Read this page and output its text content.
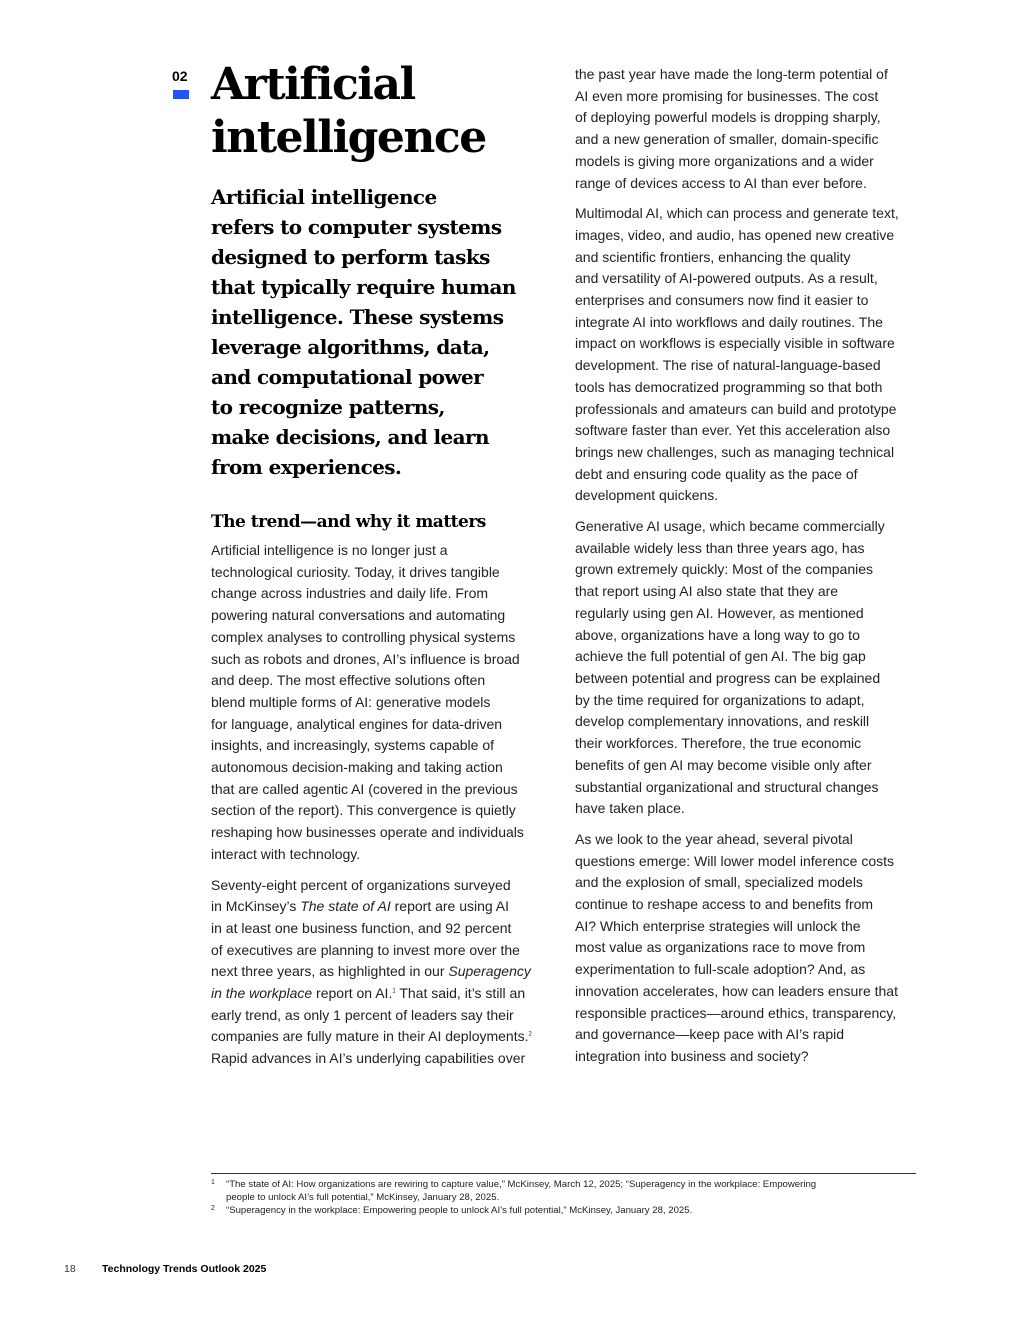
02 Artificial
intelligence
Artificial intelligence
refers to computer systems
designed to perform tasks
that typically require human
intelligence. These systems
leverage algorithms, data,
and computational power
to recognize patterns,
make decisions, and learn
from experiences.
The trend—and why it matters

Artificial intelligence is no longer just a
technological curiosity. Today, it drives tangible
change across industries and daily life. From
powering natural conversations and automating
complex analyses to controlling physical systems
such as robots and drones, AI’s influence is broad
and deep. The most effective solutions often
blend multiple forms of AI: generative models
for language, analytical engines for data-driven
insights, and increasingly, systems capable of
autonomous decision-making and taking action
that are called agentic AI (covered in the previous
section of the report). This convergence is quietly
reshaping how businesses operate and individuals
interact with technology.

Seventy-eight percent of organizations surveyed
in McKinsey’s The state of AI report are using AI
in at least one business function, and 92 percent
of executives are planning to invest more over the
next three years, as highlighted in our Superagency
in the workplace report on AI.$^1$ That said, it’s still an
early trend, as only 1 percent of leaders say their
companies are fully mature in their AI deployments.$^2$
Rapid advances in AI’s underlying capabilities over

the past year have made the long-term potential of
AI even more promising for businesses. The cost
of deploying powerful models is dropping sharply,
and a new generation of smaller, domain-specific
models is giving more organizations and a wider
range of devices access to AI than ever before.

Multimodal AI, which can process and generate text,
images, video, and audio, has opened new creative
and scientific frontiers, enhancing the quality
and versatility of AI-powered outputs. As a result,
enterprises and consumers now find it easier to
integrate AI into workflows and daily routines. The
impact on workflows is especially visible in software
development. The rise of natural-language-based
tools has democratized programming so that both
professionals and amateurs can build and prototype
software faster than ever. Yet this acceleration also
brings new challenges, such as managing technical
debt and ensuring code quality as the pace of
development quickens.

Generative AI usage, which became commercially
available widely less than three years ago, has
grown extremely quickly: Most of the companies
that report using AI also state that they are
regularly using gen AI. However, as mentioned
above, organizations have a long way to go to
achieve the full potential of gen AI. The big gap
between potential and progress can be explained
by the time required for organizations to adapt,
develop complementary innovations, and reskill
their workforces. Therefore, the true economic
benefits of gen AI may become visible only after
substantial organizational and structural changes
have taken place.

As we look to the year ahead, several pivotal
questions emerge: Will lower model inference costs
and the explosion of small, specialized models
continue to reshape access to and benefits from
AI? Which enterprise strategies will unlock the
most value as organizations race to move from
experimentation to full-scale adoption? And, as
innovation accelerates, how can leaders ensure that
responsible practices—around ethics, transparency,
and governance—keep pace with AI’s rapid
integration into business and society?

1 “The state of AI: How organizations are rewiring to capture value,” McKinsey, March 12, 2025; “Superagency in the workplace: Empowering
people to unlock AI’s full potential,” McKinsey, January 28, 2025.
2 “Superagency in the workplace: Empowering people to unlock AI’s full potential,” McKinsey, January 28, 2025.
18	Technology Trends Outlook 2025
